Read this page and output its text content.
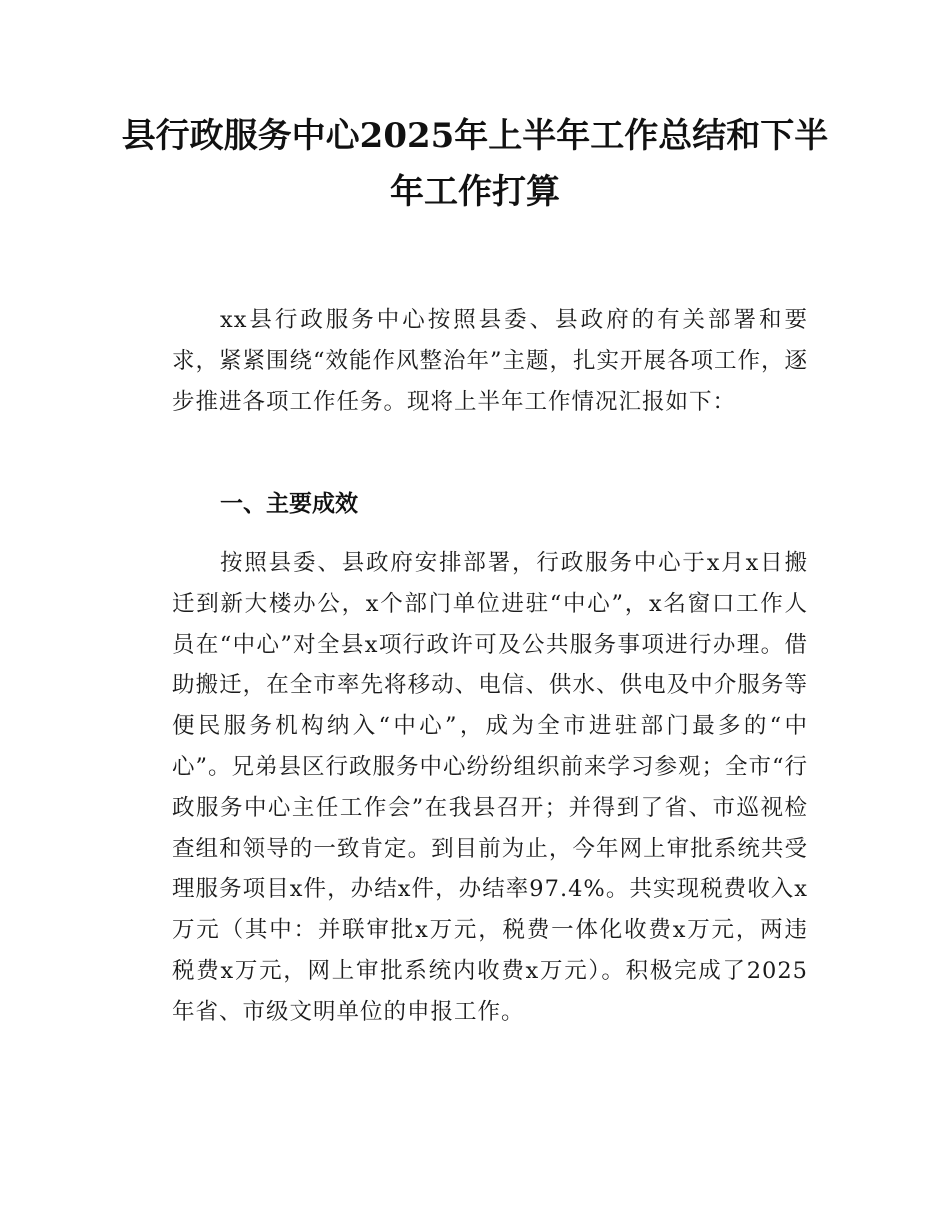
县行政服务中心2025年上半年工作总结和下半年工作打算

xx县行政服务中心按照县委、县政府的有关部署和要求，紧紧围绕“效能作风整治年”主题，扎实开展各项工作，逐步推进各项工作任务。现将上半年工作情况汇报如下：

一、主要成效

按照县委、县政府安排部署，行政服务中心于x月x日搬迁到新大楼办公，x个部门单位进驻“中心”，x名窗口工作人员在“中心”对全县x项行政许可及公共服务事项进行办理。借助搬迁，在全市率先将移动、电信、供水、供电及中介服务等便民服务机构纳入“中心”，成为全市进驻部门最多的“中心”。兄弟县区行政服务中心纷纷组织前来学习参观；全市“行政服务中心主任工作会”在我县召开；并得到了省、市巡视检查组和领导的一致肯定。到目前为止，今年网上审批系统共受理服务项目x件，办结x件，办结率97.4%。共实现税费收入x万元（其中：并联审批x万元，税费一体化收费x万元，两违税费x万元，网上审批系统内收费x万元）。积极完成了2025年省、市级文明单位的申报工作。
